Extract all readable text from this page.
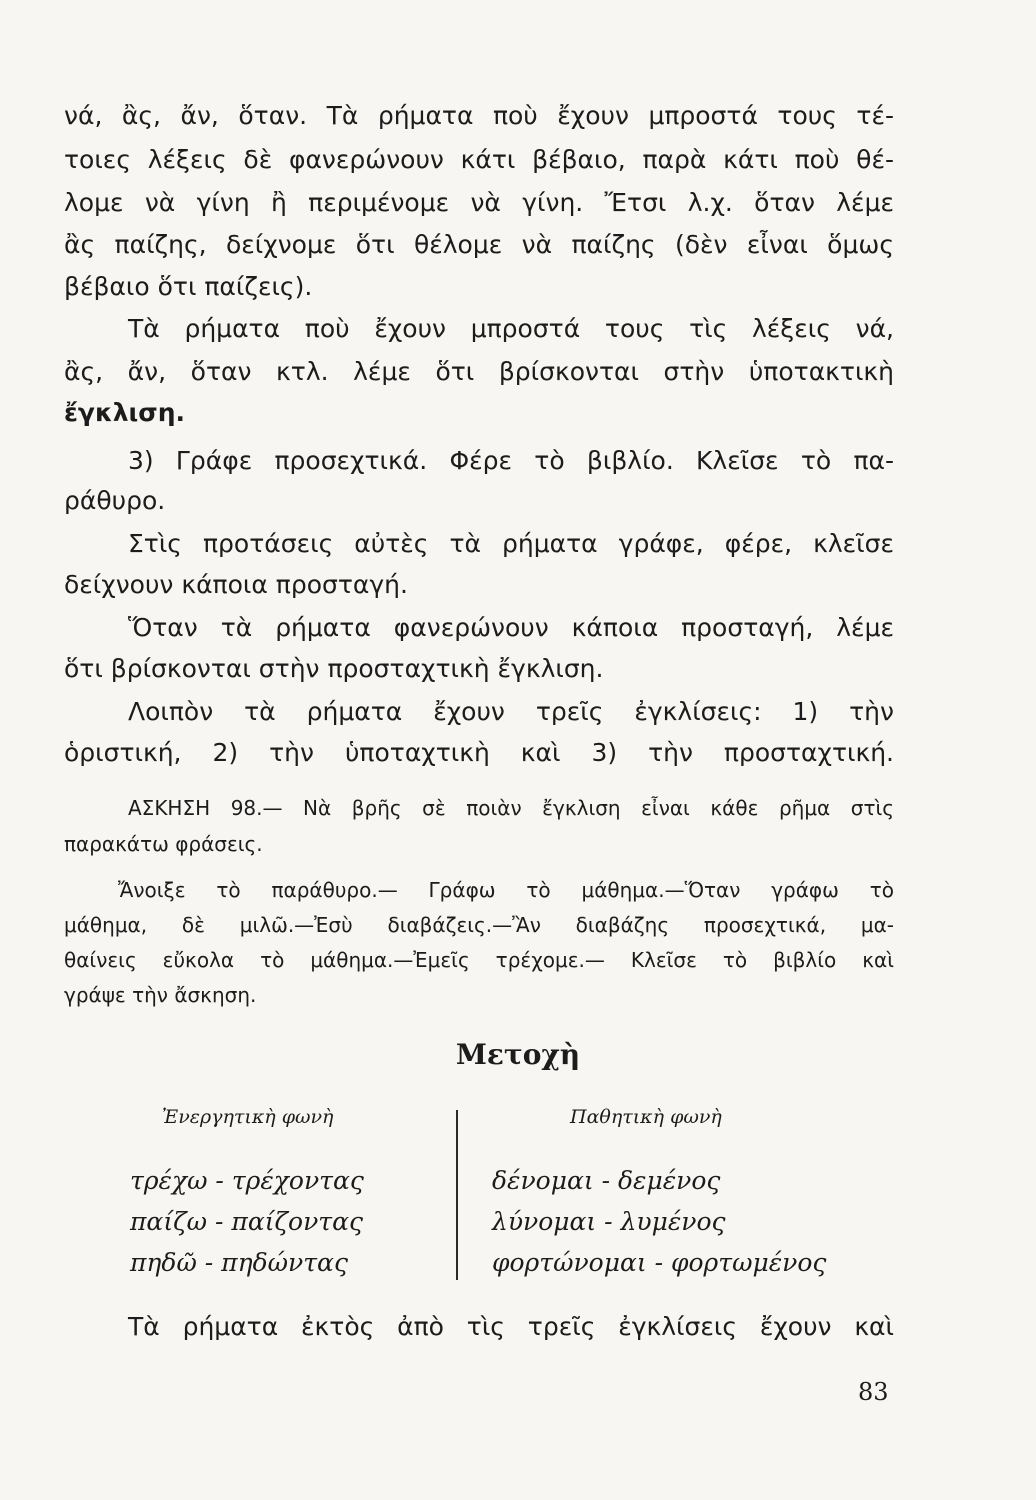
νά, ἂς, ἄν, ὅταν. Τὰ ρήματα ποὺ ἔχουν μπροστά τους τέ-
τοιες λέξεις δὲ φανερώνουν κάτι βέβαιο, παρὰ κάτι ποὺ θέ-
λομε νὰ γίνη ἢ περιμένομε νὰ γίνη. Ἔτσι λ.χ. ὅταν λέμε
ἂς παίζης, δείχνομε ὅτι θέλομε νὰ παίζης (δὲν εἶναι ὅμως
βέβαιο ὅτι παίζεις).
Τὰ ρήματα ποὺ ἔχουν μπροστά τους τὶς λέξεις νά,
ἂς, ἄν, ὅταν κτλ. λέμε ὅτι βρίσκονται στὴν ὑποτακτικὴ
ἔγκλιση.
3) Γράφε προσεχτικά. Φέρε τὸ βιβλίο. Κλεῖσε τὸ πα-
ράθυρο.
Στὶς προτάσεις αὐτὲς τὰ ρήματα γράφε, φέρε, κλεῖσε
δείχνουν κάποια προσταγή.
Ὅταν τὰ ρήματα φανερώνουν κάποια προσταγή, λέμε
ὅτι βρίσκονται στὴν προσταχτικὴ ἔγκλιση.
Λοιπὸν τὰ ρήματα ἔχουν τρεῖς ἐγκλίσεις: 1) τὴν
ὁριστική, 2) τὴν ὑποταχτικὴ καὶ 3) τὴν προσταχτική.
ΑΣΚΗΣΗ 98.— Νὰ βρῆς σὲ ποιὰν ἔγκλιση εἶναι κάθε ρῆμα στὶς
παρακάτω φράσεις.
Ἄνοιξε τὸ παράθυρο.— Γράφω τὸ μάθημα.—Ὅταν γράφω τὸ
μάθημα, δὲ μιλῶ.—Ἐσὺ διαβάζεις.—Ἂν διαβάζης προσεχτικά, μα-
θαίνεις εὔκολα τὸ μάθημα.—Ἐμεῖς τρέχομε.— Κλεῖσε τὸ βιβλίο καὶ
γράψε τὴν ἄσκηση.
Μετοχὴ
Ἐνεργητικὴ φωνὴ	Παθητικὴ φωνὴ
τρέχω - τρέχοντας
παίζω - παίζοντας
πηδῶ - πηδώντας
δένομαι - δεμένος
λύνομαι - λυμένος
φορτώνομαι - φορτωμένος
Τὰ ρήματα ἐκτὸς ἀπὸ τὶς τρεῖς ἐγκλίσεις ἔχουν καὶ
83
